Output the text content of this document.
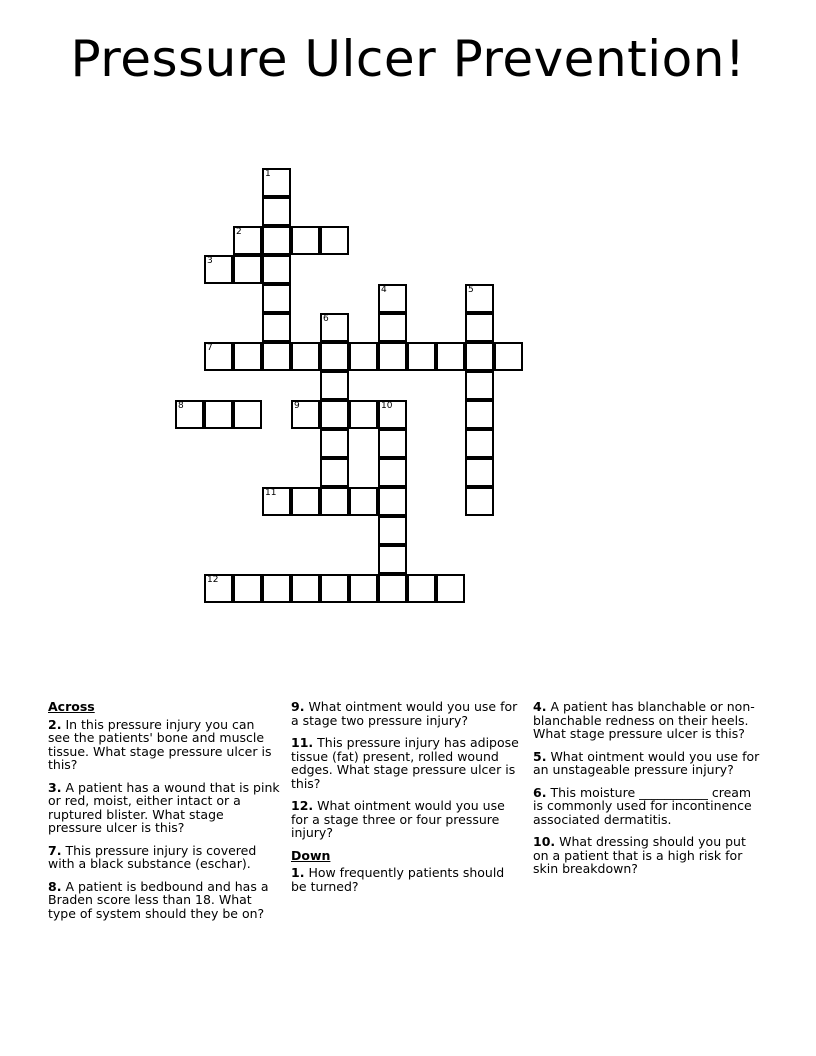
Pressure Ulcer Prevention!
1
2
3
4	5
6
7
8	9	10
11
12
Across
2. In this pressure injury you can see the patients' bone and muscle tissue. What stage pressure ulcer is this?
3. A patient has a wound that is pink or red, moist, either intact or a ruptured blister. What stage pressure ulcer is this?
7. This pressure injury is covered with a black substance (eschar).
8. A patient is bedbound and has a Braden score less than 18. What type of system should they be on?
9. What ointment would you use for a stage two pressure injury?
11. This pressure injury has adipose tissue (fat) present, rolled wound edges. What stage pressure ulcer is this?
12. What ointment would you use for a stage three or four pressure injury?
Down
1. How frequently patients should be turned?
4. A patient has blanchable or non-blanchable redness on their heels. What stage pressure ulcer is this?
5. What ointment would you use for an unstageable pressure injury?
6. This moisture ___________ cream is commonly used for incontinence associated dermatitis.
10. What dressing should you put on a patient that is a high risk for skin breakdown?
